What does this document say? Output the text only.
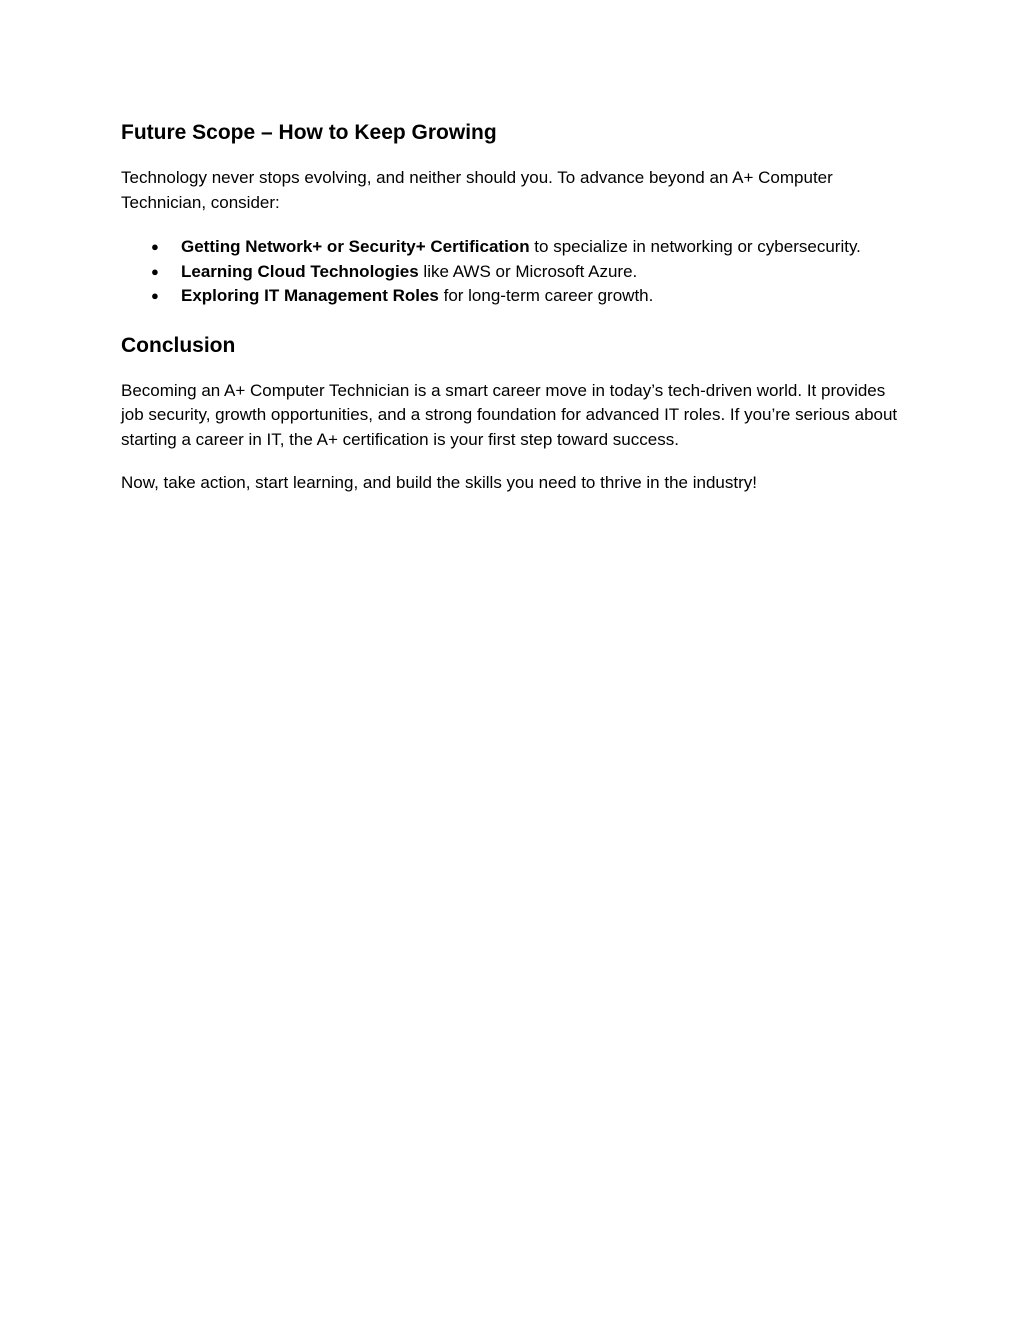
Future Scope – How to Keep Growing

Technology never stops evolving, and neither should you. To advance beyond an A+ Computer Technician, consider:

● Getting Network+ or Security+ Certification to specialize in networking or cybersecurity.
● Learning Cloud Technologies like AWS or Microsoft Azure.
● Exploring IT Management Roles for long-term career growth.
Conclusion

Becoming an A+ Computer Technician is a smart career move in today’s tech-driven world. It provides job security, growth opportunities, and a strong foundation for advanced IT roles. If you’re serious about starting a career in IT, the A+ certification is your first step toward success.

Now, take action, start learning, and build the skills you need to thrive in the industry!
